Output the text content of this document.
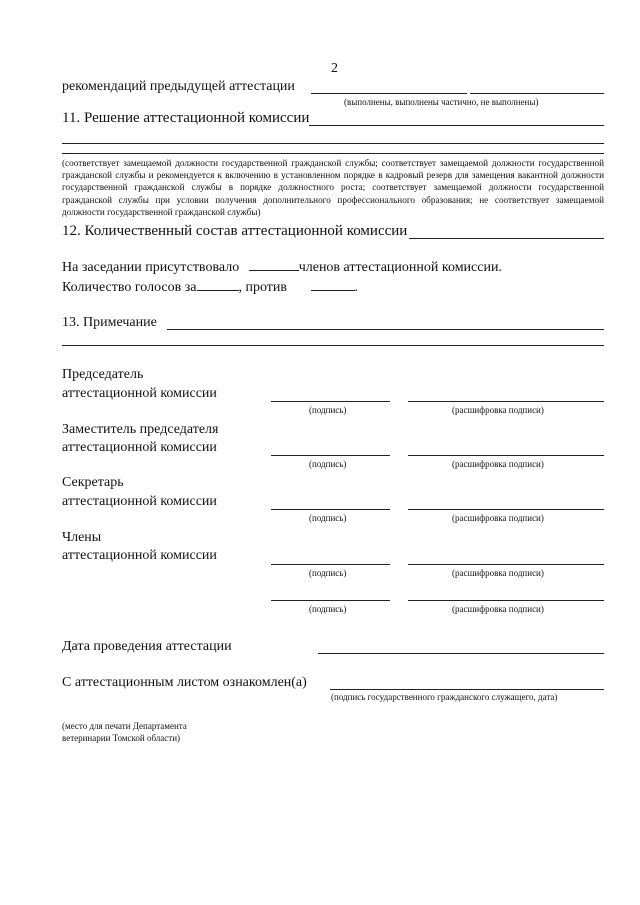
2
рекомендаций предыдущей аттестации
(выполнены, выполнены частично, не выполнены)
11. Решение аттестационной комиссии
(соответствует замещаемой должности государственной гражданской службы; соответствует замещаемой должности государственной гражданской службы и рекомендуется к включению в установленном порядке в кадровый резерв для замещения вакантной должности государственной гражданской службы в порядке должностного роста; соответствует замещаемой должности государственной гражданской службы при условии получения дополнительного профессионального образования; не соответствует замещаемой должности государственной гражданской службы)
12. Количественный состав аттестационной комиссии
На заседании присутствовало	членов аттестационной комиссии.
Количество голосов за	, против	.
13. Примечание
Председатель
аттестационной комиссии
(подпись)	(расшифровка подписи)
Заместитель председателя
аттестационной комиссии
(подпись)	(расшифровка подписи)
Секретарь
аттестационной комиссии
(подпись)	(расшифровка подписи)
Члены
аттестационной комиссии
(подпись)	(расшифровка подписи)
(подпись)	(расшифровка подписи)
Дата проведения аттестации
С аттестационным листом ознакомлен(а)
(подпись государственного гражданского служащего, дата)
(место для печати Департамента
ветеринарии Томской области)
